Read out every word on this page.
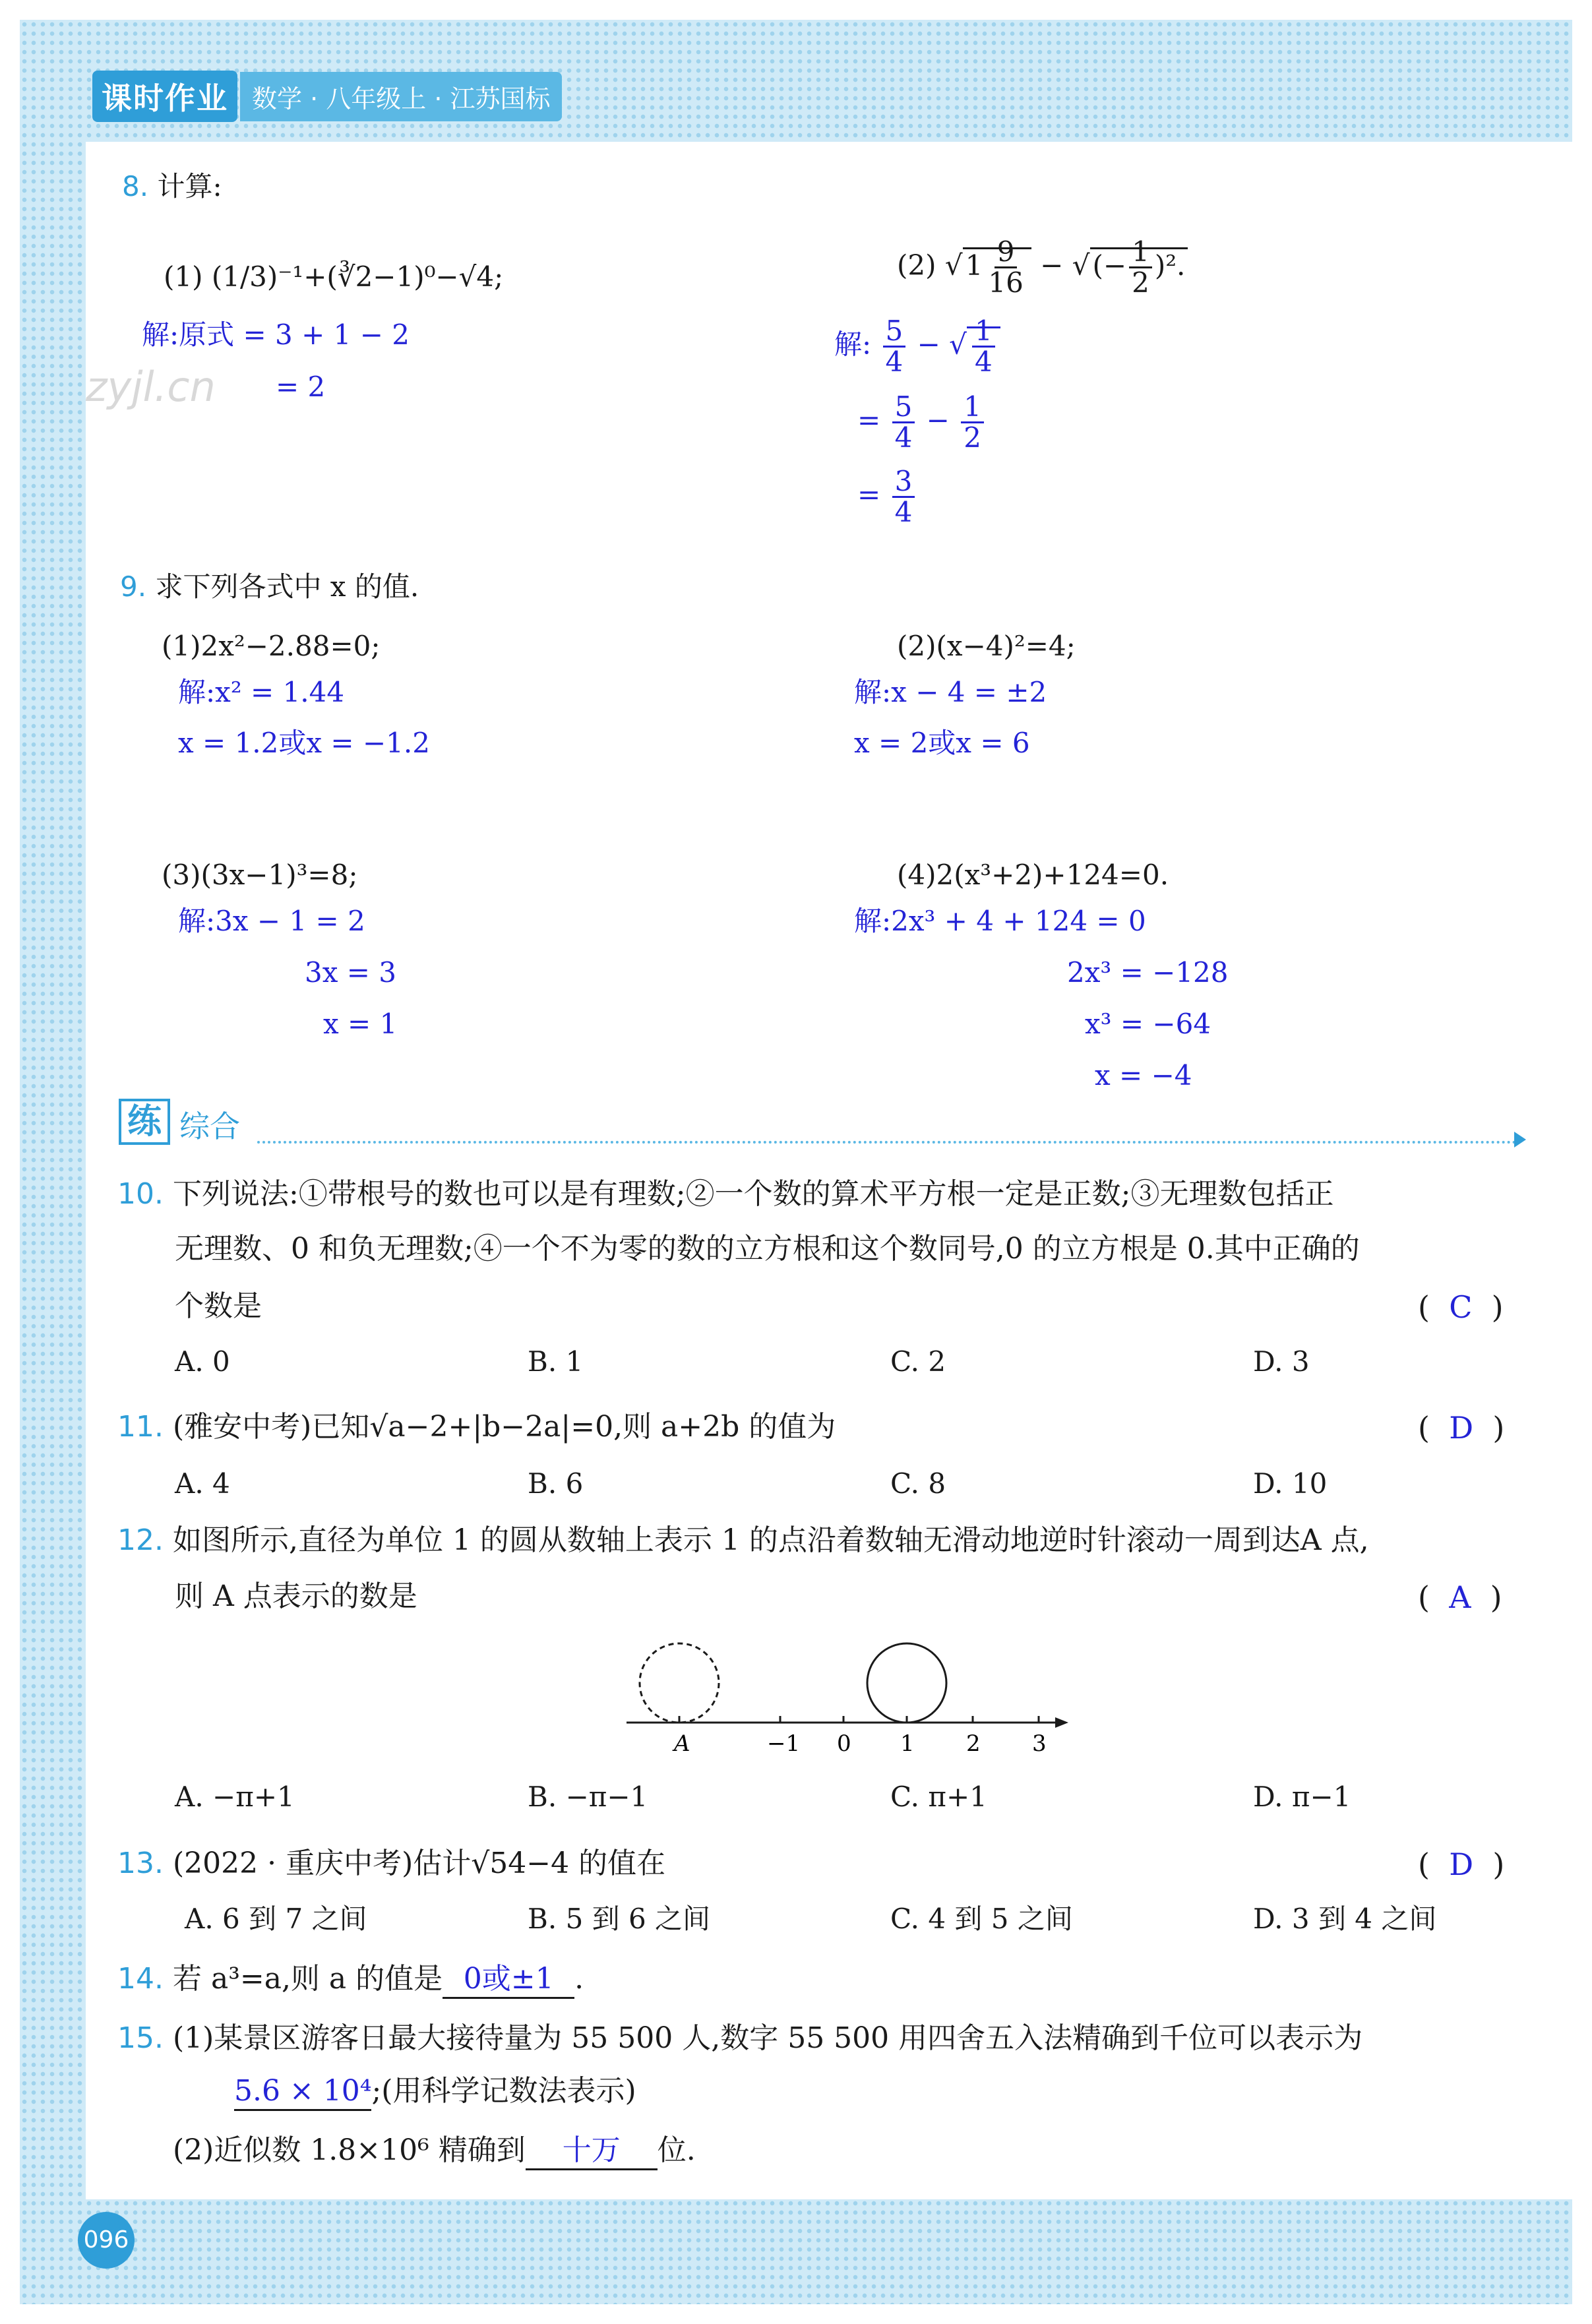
课时作业 数学 · 八年级上 · 江苏国标
zyjl.cn
8. 计算:
(1) (1/3)⁻¹+(∛2−1)⁰−√4;
解:原式 = 3 + 1 − 2
= 2
(2) $√1 \frac{9}{16}$ − √(− $\frac{1}{2} )^2$.
解: $\frac{5}{4}$ − √ $\frac{1}{4}$
= $\frac{5}{4} - \frac{1}{2}$
= $\frac{3}{4}$
9. 求下列各式中 x 的值.
(1)2x²−2.88=0;
解:x² = 1.44
x = 1.2或x = −1.2
(2)(x−4)²=4;
解:x − 4 = ±2
x = 2或x = 6
(3)(3x−1)³=8;
解:3x − 1 = 2
3x = 3
x = 1
(4)2(x³+2)+124=0.
解:2x³ + 4 + 124 = 0
2x³ = −128
x³ = −64
x = −4
练 综合
10. 下列说法:①带根号的数也可以是有理数;②一个数的算术平方根一定是正数;③无理数包括正
无理数、0 和负无理数;④一个不为零的数的立方根和这个数同号,0 的立方根是 0.其中正确的
个数是	(  C  )
A. 0	B. 1	C. 2	D. 3
11. (雅安中考)已知√a−2+|b−2a|=0,则 a+2b 的值为	(  D  )
A. 4	B. 6	C. 8	D. 10
12. 如图所示,直径为单位 1 的圆从数轴上表示 1 的点沿着数轴无滑动地逆时针滚动一周到达A 点,
则 A 点表示的数是	(  A  )
A	−1 0 1 2 3
A. −π+1	B. −π−1	C. π+1	D. π−1
13. (2022 · 重庆中考)估计√54−4 的值在	(  D  )
A. 6 到 7 之间	B. 5 到 6 之间	C. 4 到 5 之间	D. 3 到 4 之间
14. 若 a³=a,则 a 的值是 0或±1 .
15. (1)某景区游客日最大接待量为 55 500 人,数字 55 500 用四舍五入法精确到千位可以表示为
5.6 × 10⁴;(用科学记数法表示)
(2)近似数 1.8×10⁶ 精确到 十万 位.
096
